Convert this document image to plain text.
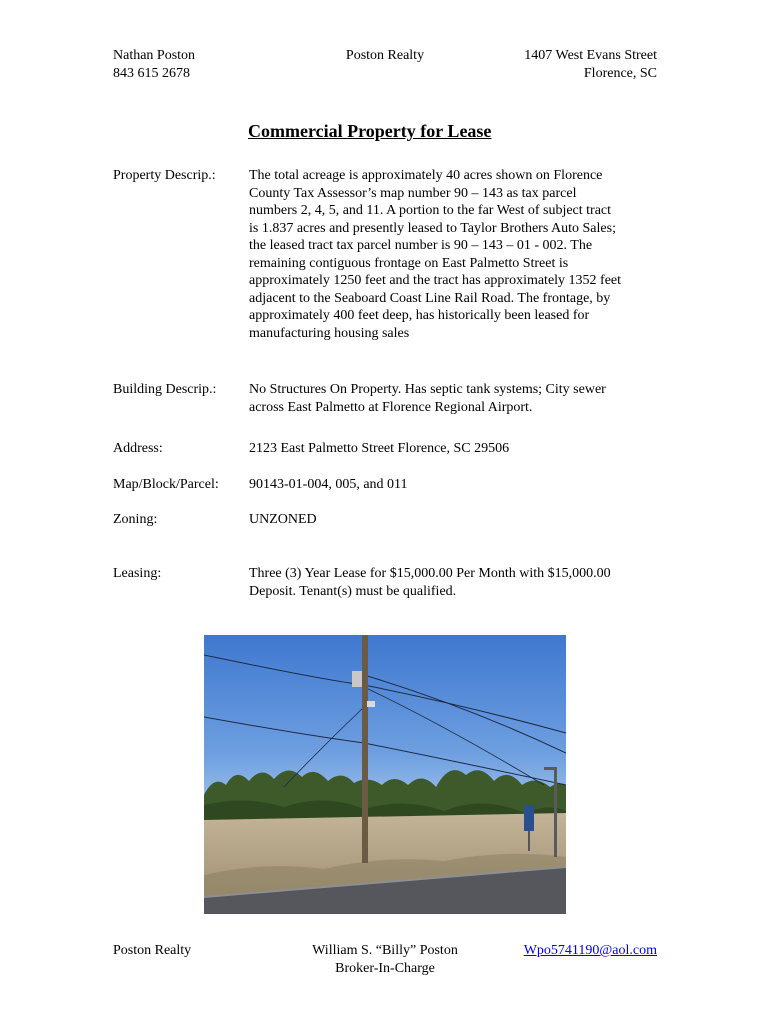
Nathan Poston
843 615 2678
Poston Realty	1407 West Evans Street
Florence, SC
Commercial Property for Lease
Property Descrip.: The total acreage is approximately 40 acres shown on Florence
County Tax Assessor’s map number 90 – 143 as tax parcel
numbers 2, 4, 5, and 11. A portion to the far West of subject tract
is 1.837 acres and presently leased to Taylor Brothers Auto Sales;
the leased tract tax parcel number is 90 – 143 – 01 - 002. The
remaining contiguous frontage on East Palmetto Street is
approximately 1250 feet and the tract has approximately 1352 feet
adjacent to the Seaboard Coast Line Rail Road. The frontage, by
approximately 400 feet deep, has historically been leased for
manufacturing housing sales
Building Descrip.: No Structures On Property. Has septic tank systems; City sewer
across East Palmetto at Florence Regional Airport.
Address:	2123 East Palmetto Street Florence, SC 29506
Map/Block/Parcel: 90143-01-004, 005, and 011
Zoning:	UNZONED
Leasing:	Three (3) Year Lease for $15,000.00 Per Month with $15,000.00
Deposit. Tenant(s) must be qualified.
Poston Realty	William S. “Billy” Poston
Broker-In-Charge
Wpo5741190@aol.com
